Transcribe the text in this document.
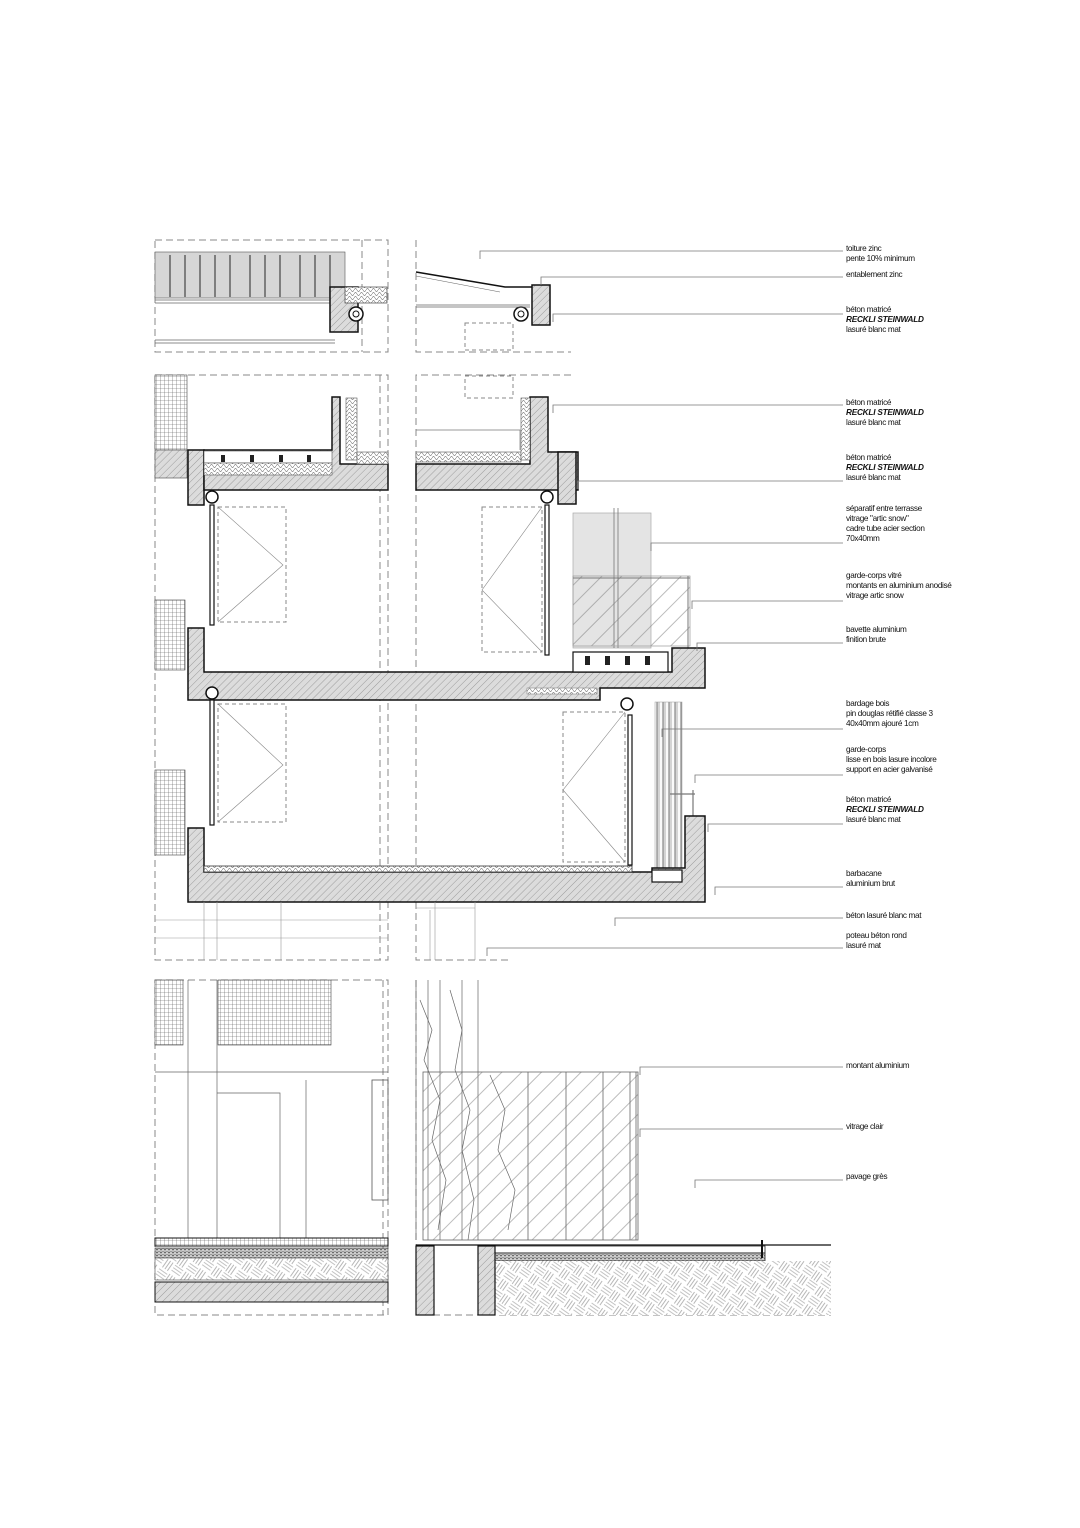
toiture zinc
pente 10% minimum
entablement zinc
béton matricé
RECKLI STEINWALD
lasuré blanc mat
béton matricé
RECKLI STEINWALD
lasuré blanc mat
béton matricé
RECKLI STEINWALD
lasuré blanc mat
séparatif entre terrasse
vitrage "artic snow"
cadre tube acier section
70x40mm
garde-corps vitré
montants en aluminium anodisé
vitrage artic snow
bavette aluminium
finition brute
bardage bois
pin douglas rétifié classe 3
40x40mm ajouré 1cm
garde-corps
lisse en bois lasure incolore
support en acier galvanisé
béton matricé
RECKLI STEINWALD
lasuré blanc mat
barbacane
aluminium brut
béton lasuré blanc mat
poteau béton rond
lasuré mat
montant aluminium
vitrage clair
pavage grès
